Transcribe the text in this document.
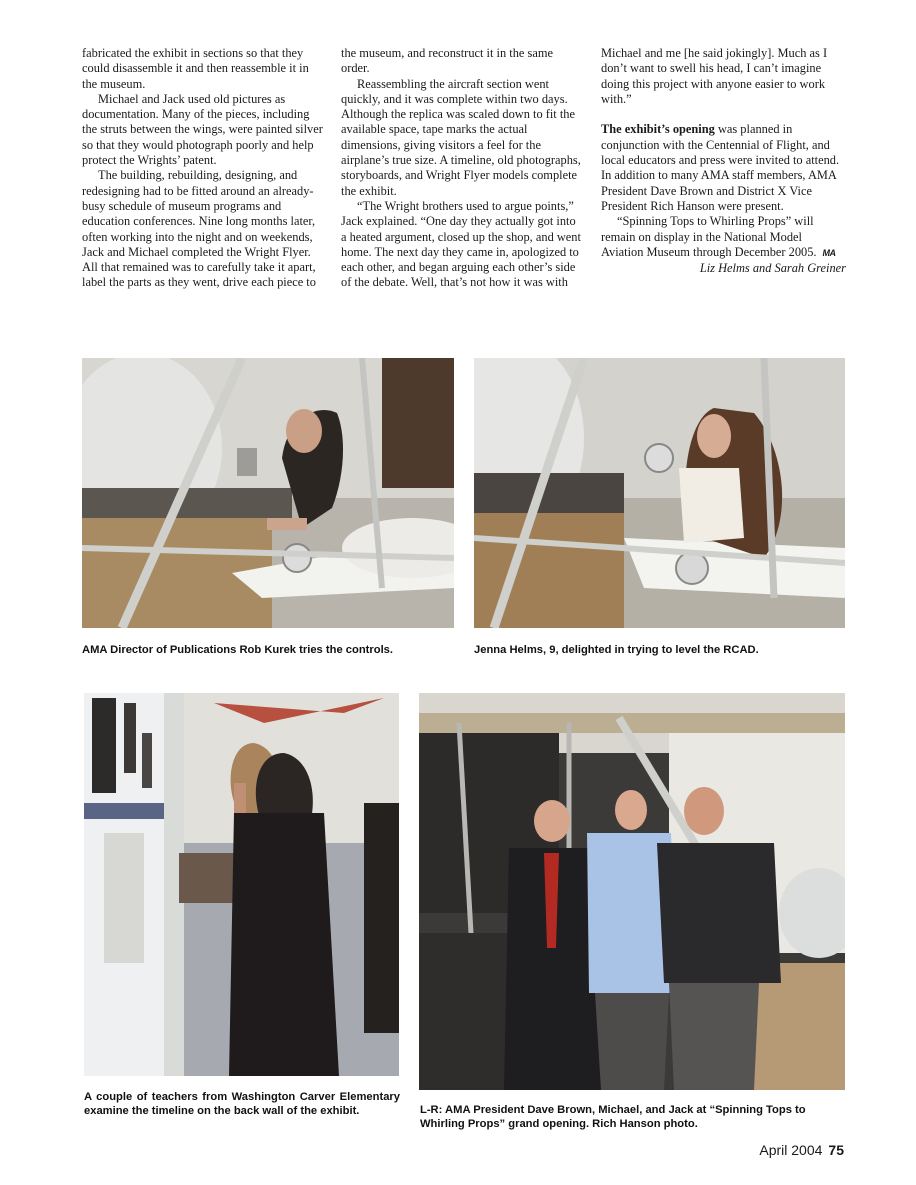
fabricated the exhibit in sections so that they could disassemble it and then reassemble it in the museum.

Michael and Jack used old pictures as documentation. Many of the pieces, including the struts between the wings, were painted silver so that they would photograph poorly and help protect the Wrights’ patent.

The building, rebuilding, designing, and redesigning had to be fitted around an already-busy schedule of museum programs and education conferences. Nine long months later, often working into the night and on weekends, Jack and Michael completed the Wright Flyer. All that remained was to carefully take it apart, label the parts as they went, drive each piece to

the museum, and reconstruct it in the same order.

Reassembling the aircraft section went quickly, and it was complete within two days. Although the replica was scaled down to fit the available space, tape marks the actual dimensions, giving visitors a feel for the airplane’s true size. A timeline, old photographs, storyboards, and Wright Flyer models complete the exhibit.

“The Wright brothers used to argue points,” Jack explained. “One day they actually got into a heated argument, closed up the shop, and went home. The next day they came in, apologized to each other, and began arguing each other’s side of the debate. Well, that’s not how it was with

Michael and me [he said jokingly]. Much as I don’t want to swell his head, I can’t imagine doing this project with anyone easier to work with.”

The exhibit’s opening was planned in conjunction with the Centennial of Flight, and local educators and press were invited to attend. In addition to many AMA staff members, AMA President Dave Brown and District X Vice President Rich Hanson were present.

“Spinning Tops to Whirling Props” will remain on display in the National Model Aviation Museum through December 2005. MA

Liz Helms and Sarah Greiner

AMA Director of Publications Rob Kurek tries the controls.	Jenna Helms, 9, delighted in trying to level the RCAD.
A couple of teachers from Washington Carver Elementary examine the timeline on the back wall of the exhibit.	L-R: AMA President Dave Brown, Michael, and Jack at “Spinning Tops to Whirling Props” grand opening. Rich Hanson photo.
April 2004 75
